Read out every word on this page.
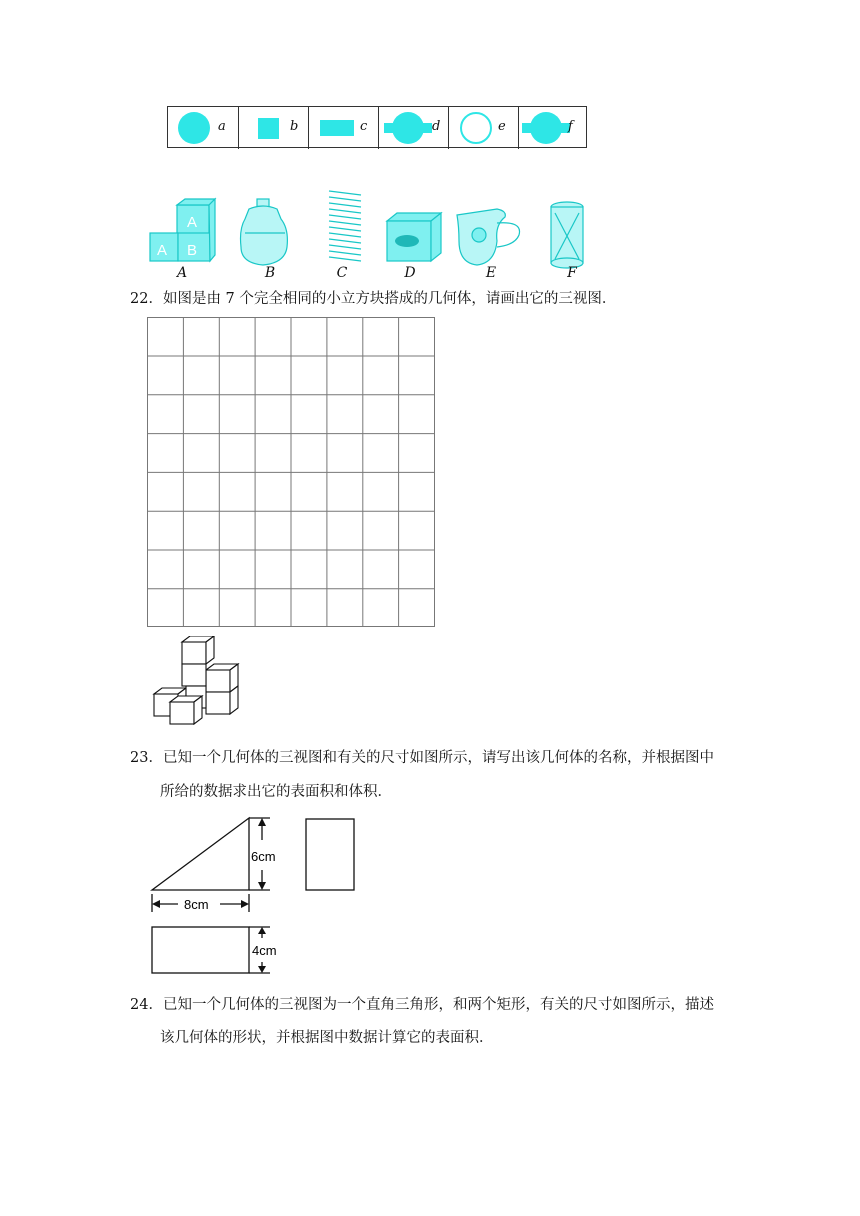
a	b	c	d	e	f
A
B
A
A	B	C	D	E	F
22．如图是由 7 个完全相同的小立方块搭成的几何体，请画出它的三视图．
23．已知一个几何体的三视图和有关的尺寸如图所示，请写出该几何体的名称，并根据图中
所给的数据求出它的表面积和体积．
6cm
8cm
4cm
24．已知一个几何体的三视图为一个直角三角形，和两个矩形，有关的尺寸如图所示，描述
该几何体的形状，并根据图中数据计算它的表面积．
